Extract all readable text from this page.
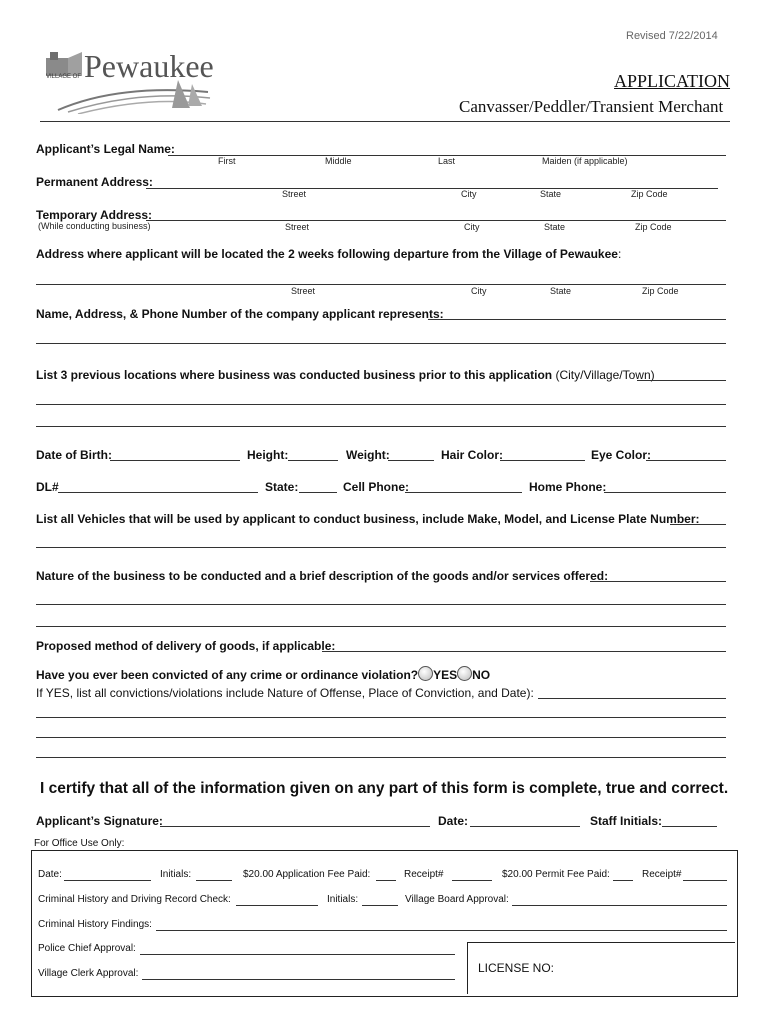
Revised 7/22/2014
Pewaukee
VILLAGE OF	APPLICATION
Canvasser/Peddler/Transient Merchant
Applicant’s Legal Name:
First	Middle	Last	Maiden (if applicable)
Permanent Address:
Street	City	State	Zip Code
Temporary Address:
(While conducting business)	Street	City	State	Zip Code
Address where applicant will be located the 2 weeks following departure from the Village of Pewaukee:
Street	City	State	Zip Code
Name, Address, & Phone Number of the company applicant represents:
List 3 previous locations where business was conducted business prior to this application (City/Village/Town)
Date of Birth:	Height:	Weight:	Hair Color:	Eye Color:
DL#	State:	Cell Phone:	Home Phone:
List all Vehicles that will be used by applicant to conduct business, include Make, Model, and License Plate Number:
Nature of the business to be conducted and a brief description of the goods and/or services offered:
Proposed method of delivery of goods, if applicable:
Have you ever been convicted of any crime or ordinance violation? YES NO
If YES, list all convictions/violations include Nature of Offense, Place of Conviction, and Date):
I certify that all of the information given on any part of this form is complete, true and correct.
Applicant’s Signature:	Date:	Staff Initials:
For Office Use Only:
Date:	Initials:	$20.00 Application Fee Paid:	Receipt#	$20.00 Permit Fee Paid:	Receipt#
Criminal History and Driving Record Check:	Initials:	Village Board Approval:
Criminal History Findings:
Police Chief Approval:
Village Clerk Approval:	LICENSE NO:
